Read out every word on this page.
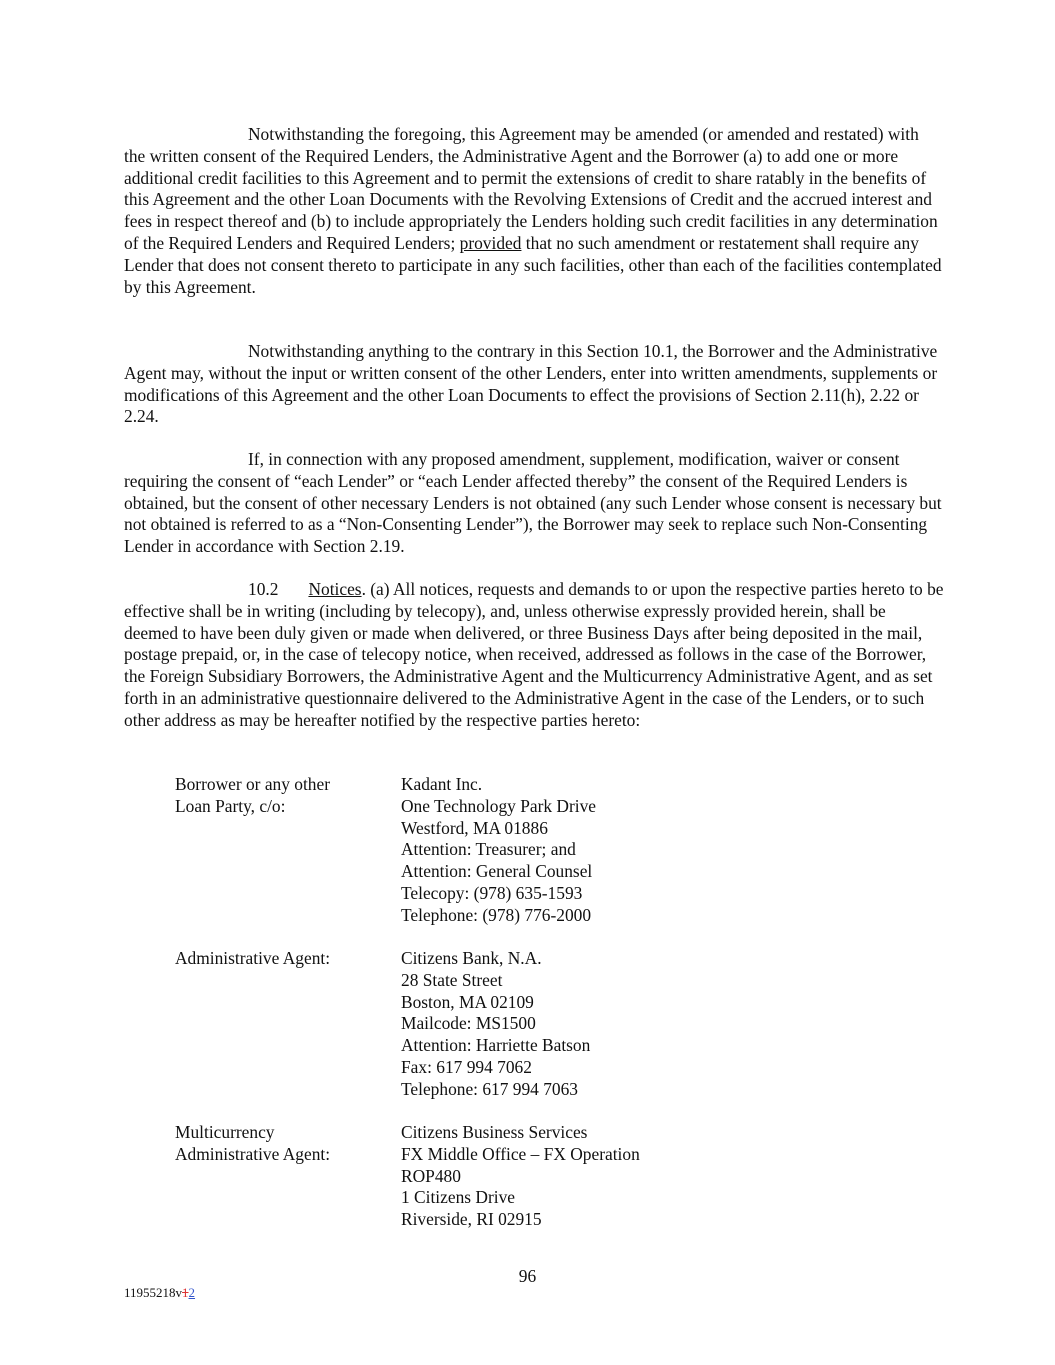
Notwithstanding the foregoing, this Agreement may be amended (or amended and restated) with the written consent of the Required Lenders, the Administrative Agent and the Borrower (a) to add one or more additional credit facilities to this Agreement and to permit the extensions of credit to share ratably in the benefits of this Agreement and the other Loan Documents with the Revolving Extensions of Credit and the accrued interest and fees in respect thereof and (b) to include appropriately the Lenders holding such credit facilities in any determination of the Required Lenders and Required Lenders; provided that no such amendment or restatement shall require any Lender that does not consent thereto to participate in any such facilities, other than each of the facilities contemplated by this Agreement.

Notwithstanding anything to the contrary in this Section 10.1, the Borrower and the Administrative Agent may, without the input or written consent of the other Lenders, enter into written amendments, supplements or modifications of this Agreement and the other Loan Documents to effect the provisions of Section 2.11(h), 2.22 or 2.24.

If, in connection with any proposed amendment, supplement, modification, waiver or consent requiring the consent of “each Lender” or “each Lender affected thereby” the consent of the Required Lenders is obtained, but the consent of other necessary Lenders is not obtained (any such Lender whose consent is necessary but not obtained is referred to as a “Non-Consenting Lender”), the Borrower may seek to replace such Non-Consenting Lender in accordance with Section 2.19.

10.2 Notices. (a) All notices, requests and demands to or upon the respective parties hereto to be effective shall be in writing (including by telecopy), and, unless otherwise expressly provided herein, shall be deemed to have been duly given or made when delivered, or three Business Days after being deposited in the mail, postage prepaid, or, in the case of telecopy notice, when received, addressed as follows in the case of the Borrower, the Foreign Subsidiary Borrowers, the Administrative Agent and the Multicurrency Administrative Agent, and as set forth in an administrative questionnaire delivered to the Administrative Agent in the case of the Lenders, or to such other address as may be hereafter notified by the respective parties hereto:

Borrower or any other
Loan Party, c/o:
Kadant Inc.
One Technology Park Drive
Westford, MA 01886
Attention: Treasurer; and
Attention: General Counsel
Telecopy: (978) 635-1593
Telephone: (978) 776-2000
Administrative Agent:	Citizens Bank, N.A.
28 State Street
Boston, MA 02109
Mailcode: MS1500
Attention: Harriette Batson
Fax: 617 994 7062
Telephone: 617 994 7063
Multicurrency
Administrative Agent:
Citizens Business Services
FX Middle Office – FX Operation
ROP480
1 Citizens Drive
Riverside, RI 02915
96
11955218v12
